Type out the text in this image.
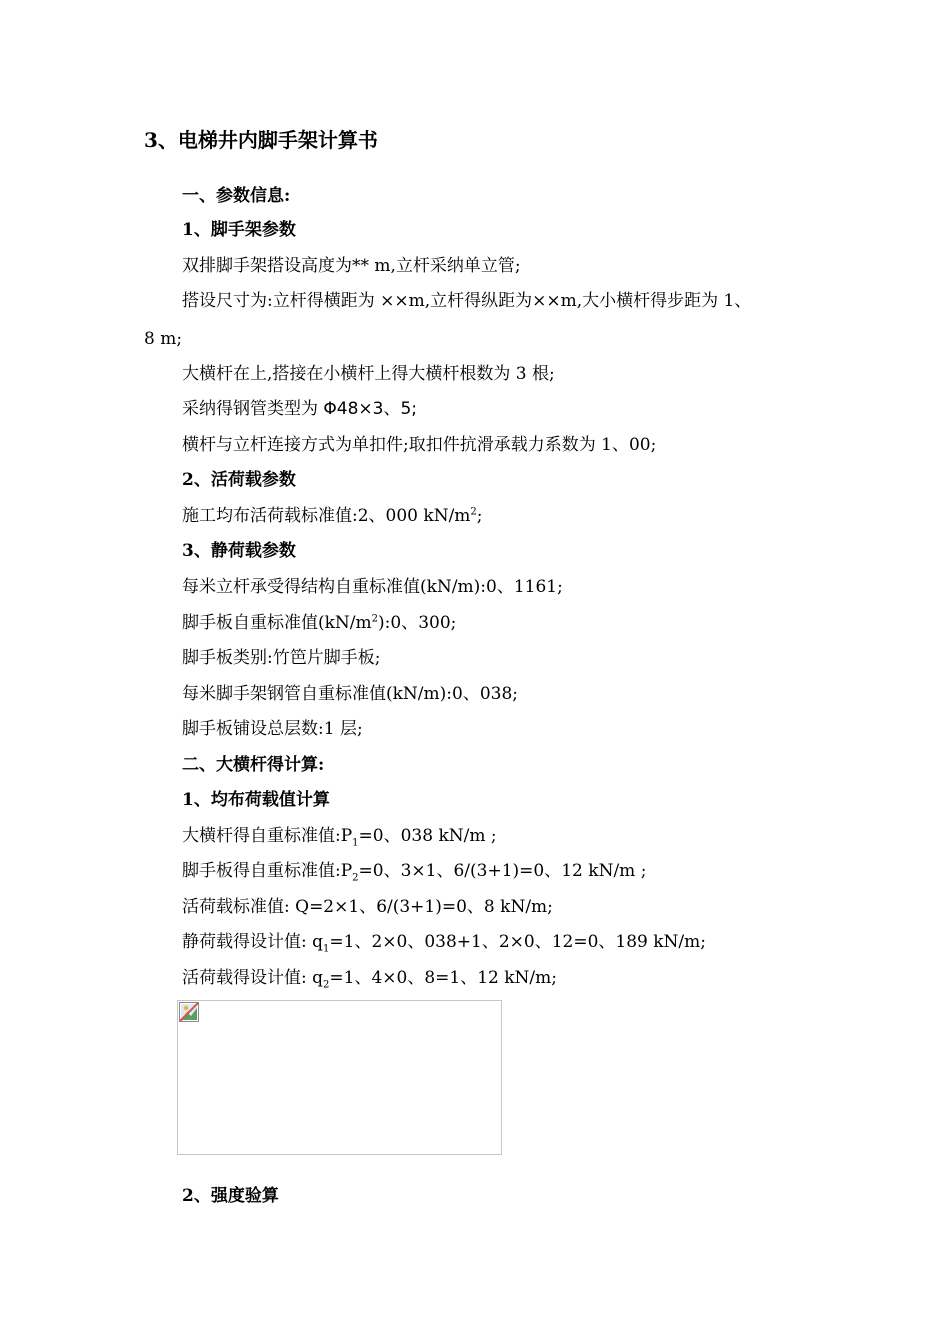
3、电梯井内脚手架计算书
一、参数信息:
1、脚手架参数
双排脚手架搭设高度为** m,立杆采纳单立管;
搭设尺寸为:立杆得横距为 ××m,立杆得纵距为××m,大小横杆得步距为 1、
8 m;
大横杆在上,搭接在小横杆上得大横杆根数为 3 根;
采纳得钢管类型为 Φ48×3、5;
横杆与立杆连接方式为单扣件;取扣件抗滑承载力系数为 1、00;
2、活荷载参数
施工均布活荷载标准值:2、000 $kN/m^2$;
3、静荷载参数
每米立杆承受得结构自重标准值(kN/m):0、1161;
脚手板自重标准值$(kN/m^2):0$、300;
脚手板类别:竹笆片脚手板;
每米脚手架钢管自重标准值(kN/m):0、038;
脚手板铺设总层数:1 层;
二、大横杆得计算:
1、均布荷载值计算
大横杆得自重标准值$:P_1=0$、038 kN/m ;
脚手板得自重标准值$:P_2=0$、3×1、6/(3+1)=0、12 kN/m ;
活荷载标准值: Q=2×1、6/(3+1)=0、8 kN/m;
静荷载得设计值: $q_1=1$、2×0、038+1、2×0、12=0、189 kN/m;
活荷载得设计值: $q_2=1$、4×0、8=1、12 kN/m;
2、强度验算
